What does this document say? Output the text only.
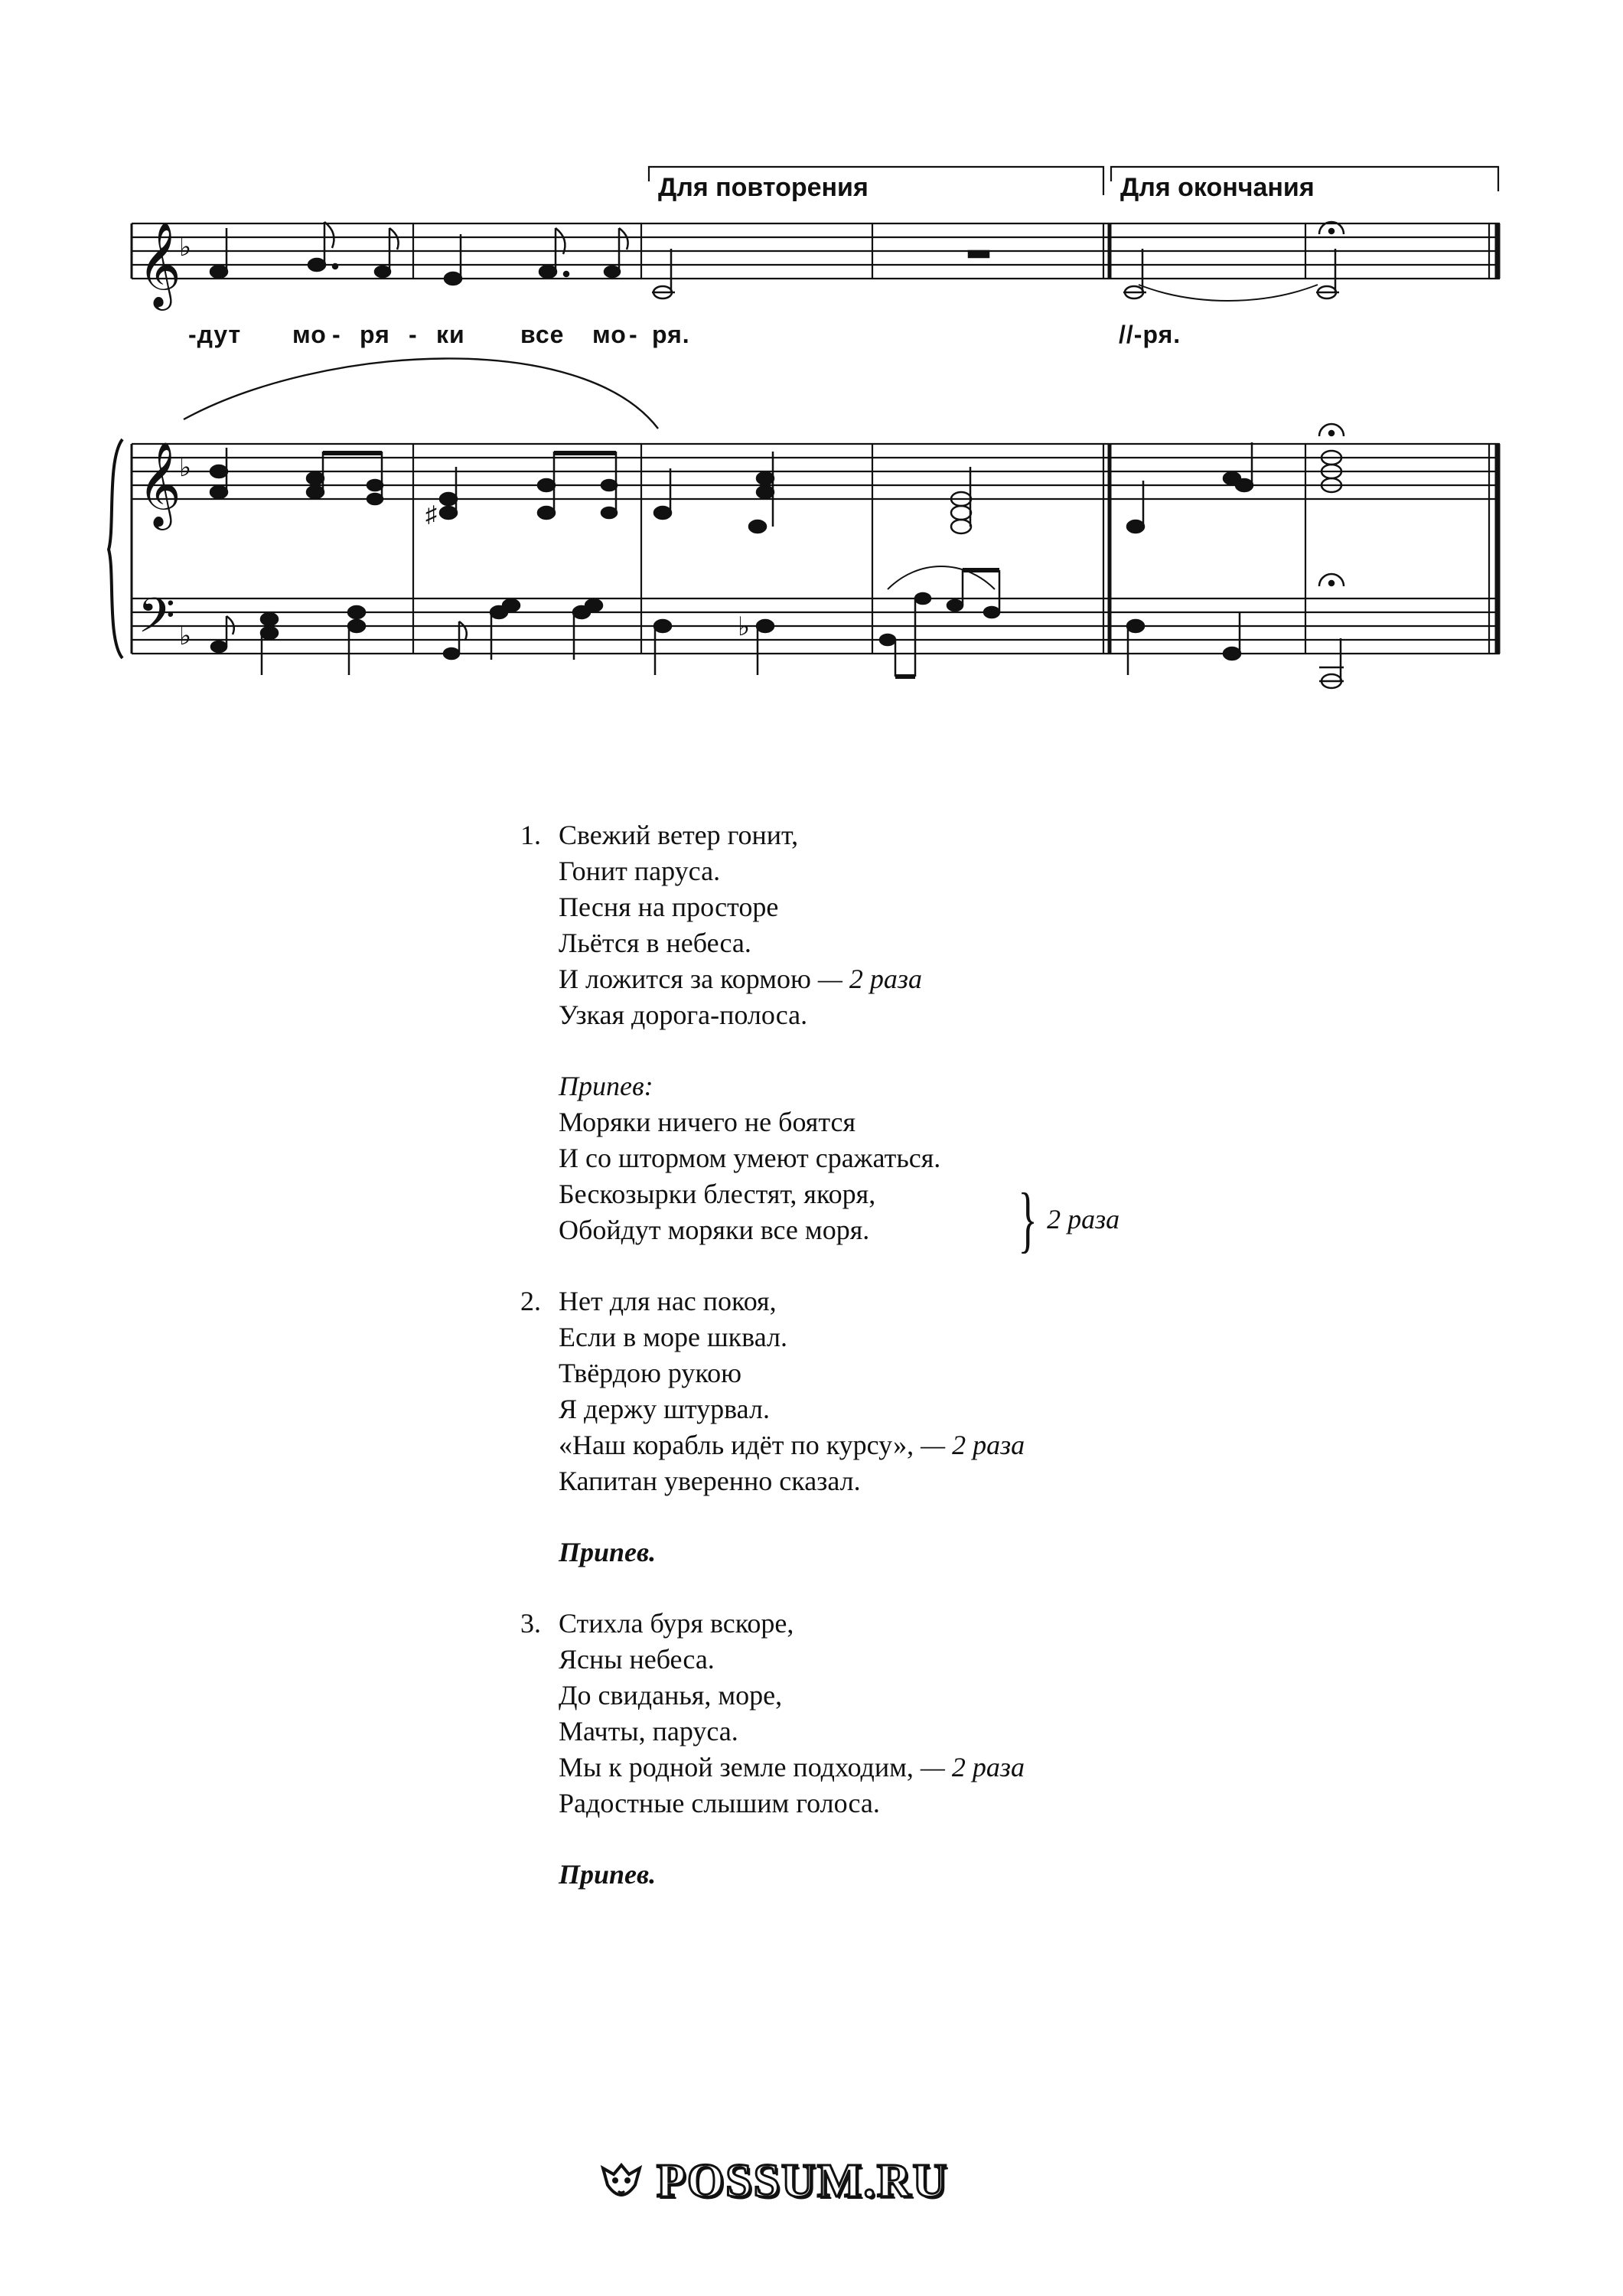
𝄞
𝄞
𝄢
♭
♭
♭
♯
♭
Для повторения	Для окончания
-дут мо - ря - ки все мо - ря.	//-ря.
1. Свежий ветер гонит,
Гонит паруса.
Песня на просторе
Льётся в небеса.
И ложится за кормою — 2 раза
Узкая дорога-полоса.
Припев:
Моряки ничего не боятся
И со штормом умеют сражаться.
Бескозырки блестят, якоря,
Обойдут моряки все моря.
2. Нет для нас покоя,
Если в море шквал.
Твёрдою рукою
Я держу штурвал.
«Наш корабль идёт по курсу», — 2 раза
Капитан уверенно сказал.
Припев.
3. Стихла буря вскоре,
Ясны небеса.
До свиданья, море,
Мачты, паруса.
Мы к родной земле подходим, — 2 раза
Радостные слышим голоса.
Припев.
} 2 раза
POSSUM.RU
